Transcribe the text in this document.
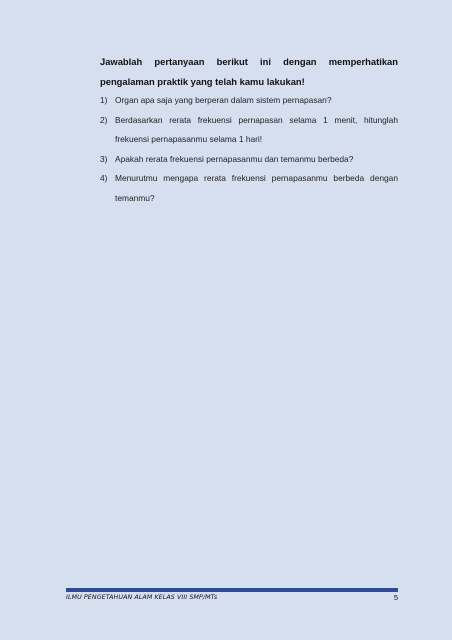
Jawablah pertanyaan berikut ini dengan memperhatikan pengalaman praktik yang telah kamu lakukan!

1) Organ apa saja yang berperan dalam sistem pernapasan?
2) Berdasarkan rerata frekuensi pernapasan selama 1 menit, hitunglah frekuensi pernapasanmu selama 1 hari!
3) Apakah rerata frekuensi pernapasanmu dan temanmu berbeda?
4) Menurutmu mengapa rerata frekuensi pernapasanmu berbeda dengan temanmu?
ILMU PENGETAHUAN ALAM KELAS VIII SMP/MTs	5
